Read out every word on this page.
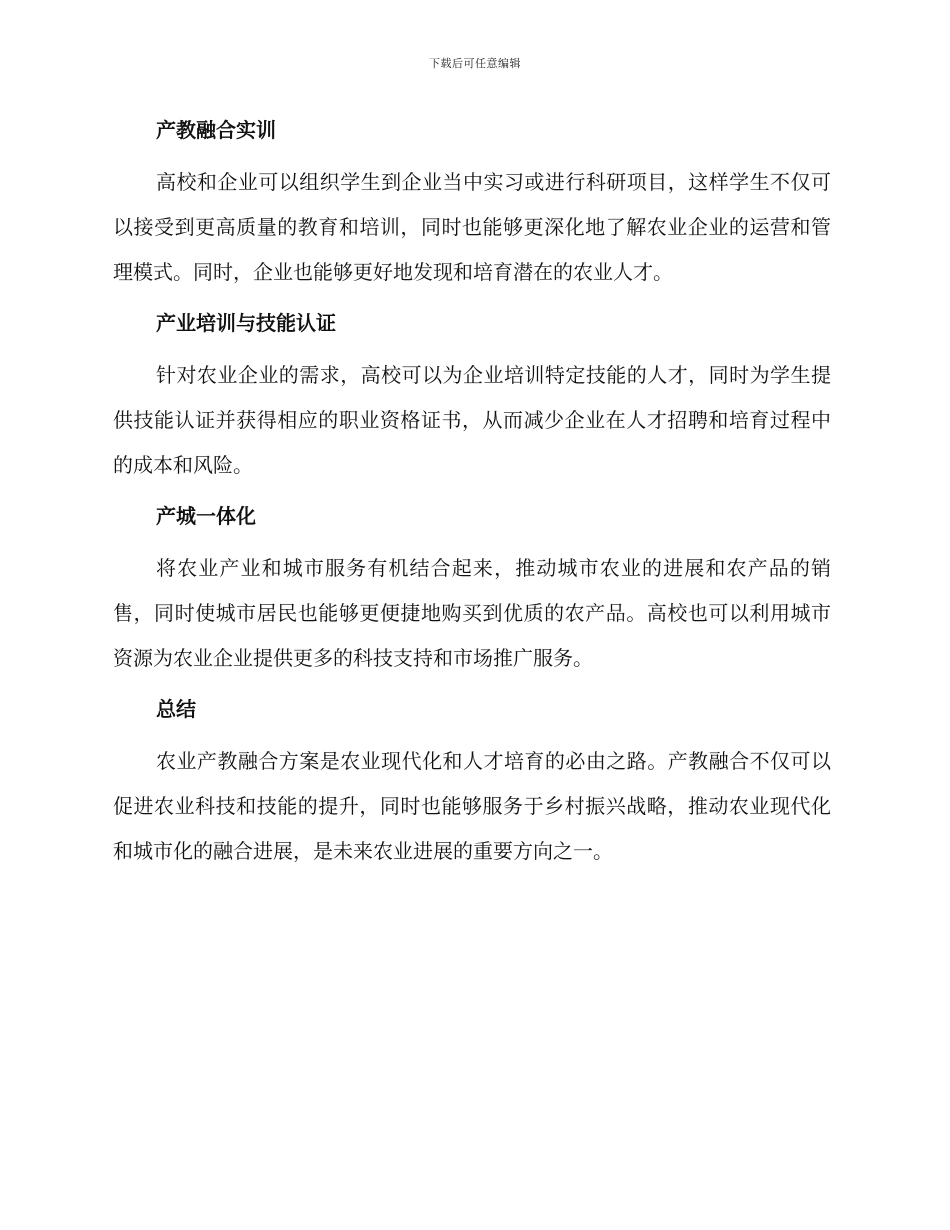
下载后可任意编辑
产教融合实训

高校和企业可以组织学生到企业当中实习或进行科研项目，这样学生不仅可以接受到更高质量的教育和培训，同时也能够更深化地了解农业企业的运营和管理模式。同时，企业也能够更好地发现和培育潜在的农业人才。

产业培训与技能认证

针对农业企业的需求，高校可以为企业培训特定技能的人才，同时为学生提供技能认证并获得相应的职业资格证书，从而减少企业在人才招聘和培育过程中的成本和风险。

产城一体化

将农业产业和城市服务有机结合起来，推动城市农业的进展和农产品的销售，同时使城市居民也能够更便捷地购买到优质的农产品。高校也可以利用城市资源为农业企业提供更多的科技支持和市场推广服务。

总结

农业产教融合方案是农业现代化和人才培育的必由之路。产教融合不仅可以促进农业科技和技能的提升，同时也能够服务于乡村振兴战略，推动农业现代化和城市化的融合进展，是未来农业进展的重要方向之一。
